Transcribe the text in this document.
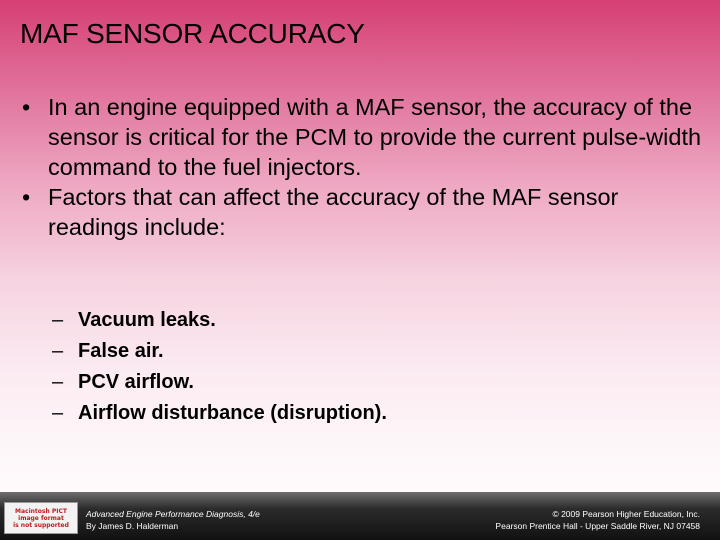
MAF SENSOR ACCURACY

• In an engine equipped with a MAF sensor, the accuracy of the sensor is critical for the PCM to provide the current pulse-width command to the fuel injectors.

• Factors that can affect the accuracy of the MAF sensor readings include:

– Vacuum leaks.
– False air.
– PCV airflow.
– Airflow disturbance (disruption).
Macintosh PICT
image format
is not supported
Advanced Engine Performance Diagnosis, 4/e
By James D. Halderman
© 2009 Pearson Higher Education, Inc.
Pearson Prentice Hall - Upper Saddle River, NJ 07458
